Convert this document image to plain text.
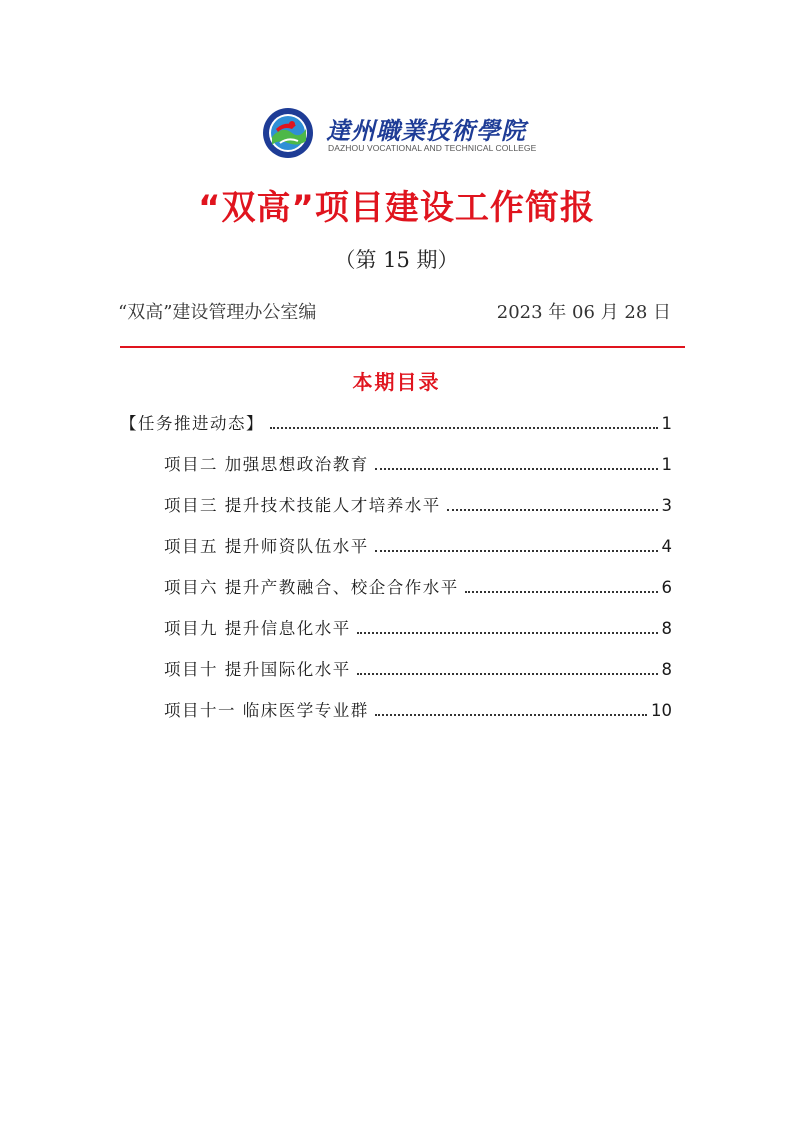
達州職業技術學院
DAZHOU VOCATIONAL AND TECHNICAL COLLEGE
“双高”项目建设工作简报
（第 15 期）
“双高”建设管理办公室编	2023 年 06 月 28 日
本期目录
【任务推进动态】	1
项目二 加强思想政治教育	1
项目三 提升技术技能人才培养水平	3
项目五 提升师资队伍水平	4
项目六 提升产教融合、校企合作水平	6
项目九 提升信息化水平	8
项目十 提升国际化水平	8
项目十一 临床医学专业群	10
